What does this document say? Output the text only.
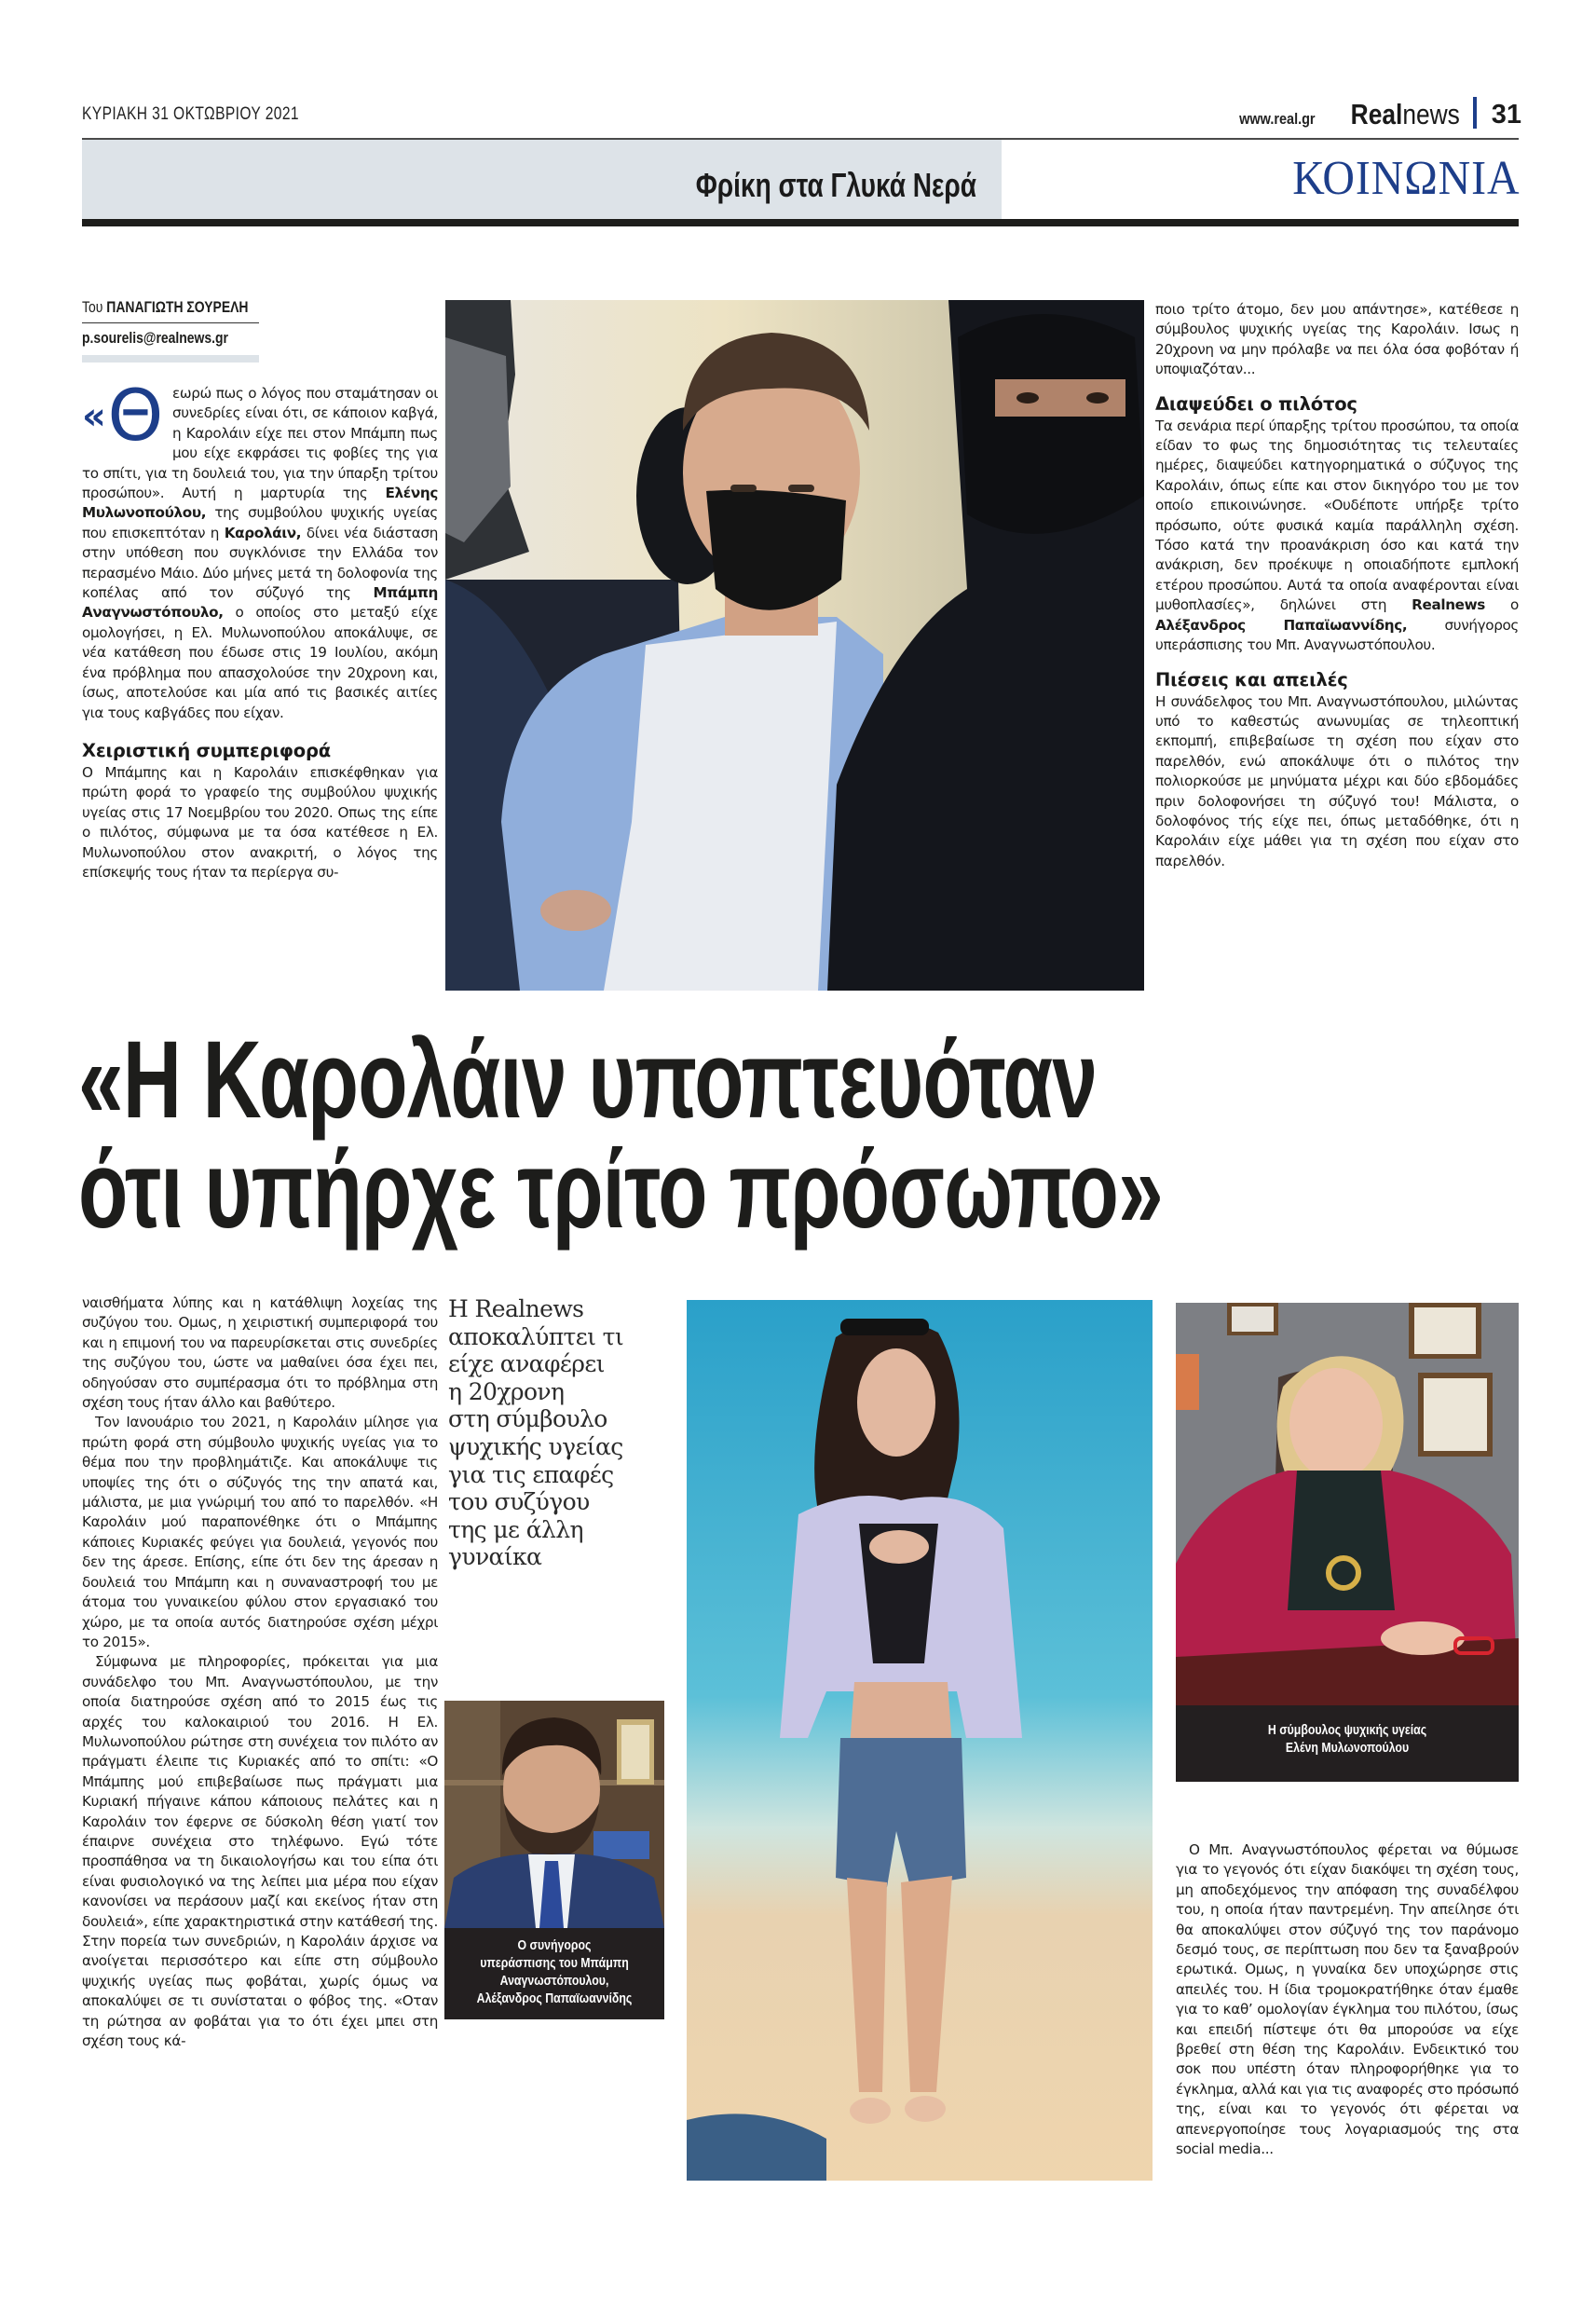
ΚΥΡΙΑΚΗ 31 ΟΚΤΩΒΡΙΟΥ 2021	www.real.gr Realnews 31
Φρίκη στα Γλυκά Νερά	ΚΟΙΝΩΝΙΑ
Του ΠΑΝΑΓΙΩΤΗ ΣΟΥΡΕΛΗ
p.sourelis@realnews.gr

«Θ εωρώ πως ο λόγος που σταμάτησαν οι συνεδρίες είναι ότι, σε κάποιον καβγά, η Καρολάιν είχε πει στον Μπάμπη πως μου είχε εκφράσει τις φοβίες της για το σπίτι, για τη δουλειά του, για την ύπαρξη τρίτου προσώπου». Αυτή η μαρτυρία της Ελένης Μυλωνοπούλου, της συμβούλου ψυχικής υγείας που επισκεπτόταν η Καρολάιν, δίνει νέα διάσταση στην υπόθεση που συγκλόνισε την Ελλάδα τον περασμένο Μάιο. Δύο μήνες μετά τη δολοφονία της κοπέλας από τον σύζυγό της Μπάμπη Αναγνωστόπουλο, ο οποίος στο μεταξύ είχε ομολογήσει, η Ελ. Μυλωνοπούλου αποκάλυψε, σε νέα κατάθεση που έδωσε στις 19 Ιουλίου, ακόμη ένα πρόβλημα που απασχολούσε την 20χρονη και, ίσως, αποτελούσε και μία από τις βασικές αιτίες για τους καβγάδες που είχαν.

Χειριστική συμπεριφορά

Ο Μπάμπης και η Καρολάιν επισκέφθηκαν για πρώτη φορά το γραφείο της συμβούλου ψυχικής υγείας στις 17 Νοεμβρίου του 2020. Οπως της είπε ο πιλότος, σύμφωνα με τα όσα κατέθεσε η Ελ. Μυλωνοπούλου στον ανακριτή, ο λόγος της επίσκεψής τους ήταν τα περίεργα συ-

ποιο τρίτο άτομο, δεν μου απάντησε», κατέθεσε η σύμβουλος ψυχικής υγείας της Καρολάιν. Ισως η 20χρονη να μην πρόλαβε να πει όλα όσα φοβόταν ή υποψιαζόταν...

Διαψεύδει ο πιλότος

Τα σενάρια περί ύπαρξης τρίτου προσώπου, τα οποία είδαν το φως της δημοσιότητας τις τελευταίες ημέρες, διαψεύδει κατηγορηματικά ο σύζυγος της Καρολάιν, όπως είπε και στον δικηγόρο του με τον οποίο επικοινώνησε. «Ουδέποτε υπήρξε τρίτο πρόσωπο, ούτε φυσικά καμία παράλληλη σχέση. Τόσο κατά την προανάκριση όσο και κατά την ανάκριση, δεν προέκυψε η οποιαδήποτε εμπλοκή ετέρου προσώπου. Αυτά τα οποία αναφέρονται είναι μυθοπλασίες», δηλώνει στη Realnews ο Αλέξανδρος Παπαϊωαννίδης, συνήγορος υπεράσπισης του Μπ. Αναγνωστόπουλου.

Πιέσεις και απειλές

Η συνάδελφος του Μπ. Αναγνωστόπουλου, μιλώντας υπό το καθεστώς ανωνυμίας σε τηλεοπτική εκπομπή, επιβεβαίωσε τη σχέση που είχαν στο παρελθόν, ενώ αποκάλυψε ότι ο πιλότος την πολιορκούσε με μηνύματα μέχρι και δύο εβδομάδες πριν δολοφονήσει τη σύζυγό του! Μάλιστα, ο δολοφόνος τής είχε πει, όπως μεταδόθηκε, ότι η Καρολάιν είχε μάθει για τη σχέση που είχαν στο παρελθόν.

«Η Καρολάιν υποπτευόταν
ότι υπήρχε τρίτο πρόσωπο»

ναισθήματα λύπης και η κατάθλιψη λοχείας της συζύγου του. Ομως, η χειριστική συμπεριφορά του και η επιμονή του να παρευρίσκεται στις συνεδρίες της συζύγου του, ώστε να μαθαίνει όσα έχει πει, οδηγούσαν στο συμπέρασμα ότι το πρόβλημα στη σχέση τους ήταν άλλο και βαθύτερο.

Τον Ιανουάριο του 2021, η Καρολάιν μίλησε για πρώτη φορά στη σύμβουλο ψυχικής υγείας για το θέμα που την προβλημάτιζε. Και αποκάλυψε τις υποψίες της ότι ο σύζυγός της την απατά και, μάλιστα, με μια γνώριμή του από το παρελθόν. «Η Καρολάιν μού παραπονέθηκε ότι ο Μπάμπης κάποιες Κυριακές φεύγει για δουλειά, γεγονός που δεν της άρεσε. Επίσης, είπε ότι δεν της άρεσαν η δουλειά του Μπάμπη και η συναναστροφή του με άτομα του γυναικείου φύλου στον εργασιακό του χώρο, με τα οποία αυτός διατηρούσε σχέση μέχρι το 2015».

Σύμφωνα με πληροφορίες, πρόκειται για μια συνάδελφο του Μπ. Αναγνωστόπουλου, με την οποία διατηρούσε σχέση από το 2015 έως τις αρχές του καλοκαιριού του 2016. Η Ελ. Μυλωνοπούλου ρώτησε στη συνέχεια τον πιλότο αν πράγματι έλειπε τις Κυριακές από το σπίτι: «Ο Μπάμπης μού επιβεβαίωσε πως πράγματι μια Κυριακή πήγαινε κάπου κάποιους πελάτες και η Καρολάιν τον έφερνε σε δύσκολη θέση γιατί τον έπαιρνε συνέχεια στο τηλέφωνο. Εγώ τότε προσπάθησα να τη δικαιολογήσω και του είπα ότι είναι φυσιολογικό να της λείπει μια μέρα που είχαν κανονίσει να περάσουν μαζί και εκείνος ήταν στη δουλειά», είπε χαρακτηριστικά στην κατάθεσή της. Στην πορεία των συνεδριών, η Καρολάιν άρχισε να ανοίγεται περισσότερο και είπε στη σύμβουλο ψυχικής υγείας πως φοβάται, χωρίς όμως να αποκαλύψει σε τι συνίσταται ο φόβος της. «Οταν τη ρώτησα αν φοβάται για το ότι έχει μπει στη σχέση τους κά-

Η Realnews
αποκαλύπτει τι
είχε αναφέρει
η 20χρονη
στη σύμβουλο
ψυχικής υγείας
για τις επαφές
του συζύγου
της με άλλη
γυναίκα
Ο συνήγορος
υπεράσπισης του Μπάμπη
Αναγνωστόπουλου,
Αλέξανδρος Παπαϊωαννίδης
Η σύμβουλος ψυχικής υγείας
Ελένη Μυλωνοπούλου

Ο Μπ. Αναγνωστόπουλος φέρεται να θύμωσε για το γεγονός ότι είχαν διακόψει τη σχέση τους, μη αποδεχόμενος την απόφαση της συναδέλφου του, η οποία ήταν παντρεμένη. Την απείλησε ότι θα αποκαλύψει στον σύζυγό της τον παράνομο δεσμό τους, σε περίπτωση που δεν τα ξαναβρούν ερωτικά. Ομως, η γυναίκα δεν υποχώρησε στις απειλές του. Η ίδια τρομοκρατήθηκε όταν έμαθε για το καθ’ ομολογίαν έγκλημα του πιλότου, ίσως και επειδή πίστεψε ότι θα μπορούσε να είχε βρεθεί στη θέση της Καρολάιν. Ενδεικτικό του σοκ που υπέστη όταν πληροφορήθηκε για το έγκλημα, αλλά και για τις αναφορές στο πρόσωπό της, είναι και το γεγονός ότι φέρεται να απενεργοποίησε τους λογαριασμούς της στα social media...
